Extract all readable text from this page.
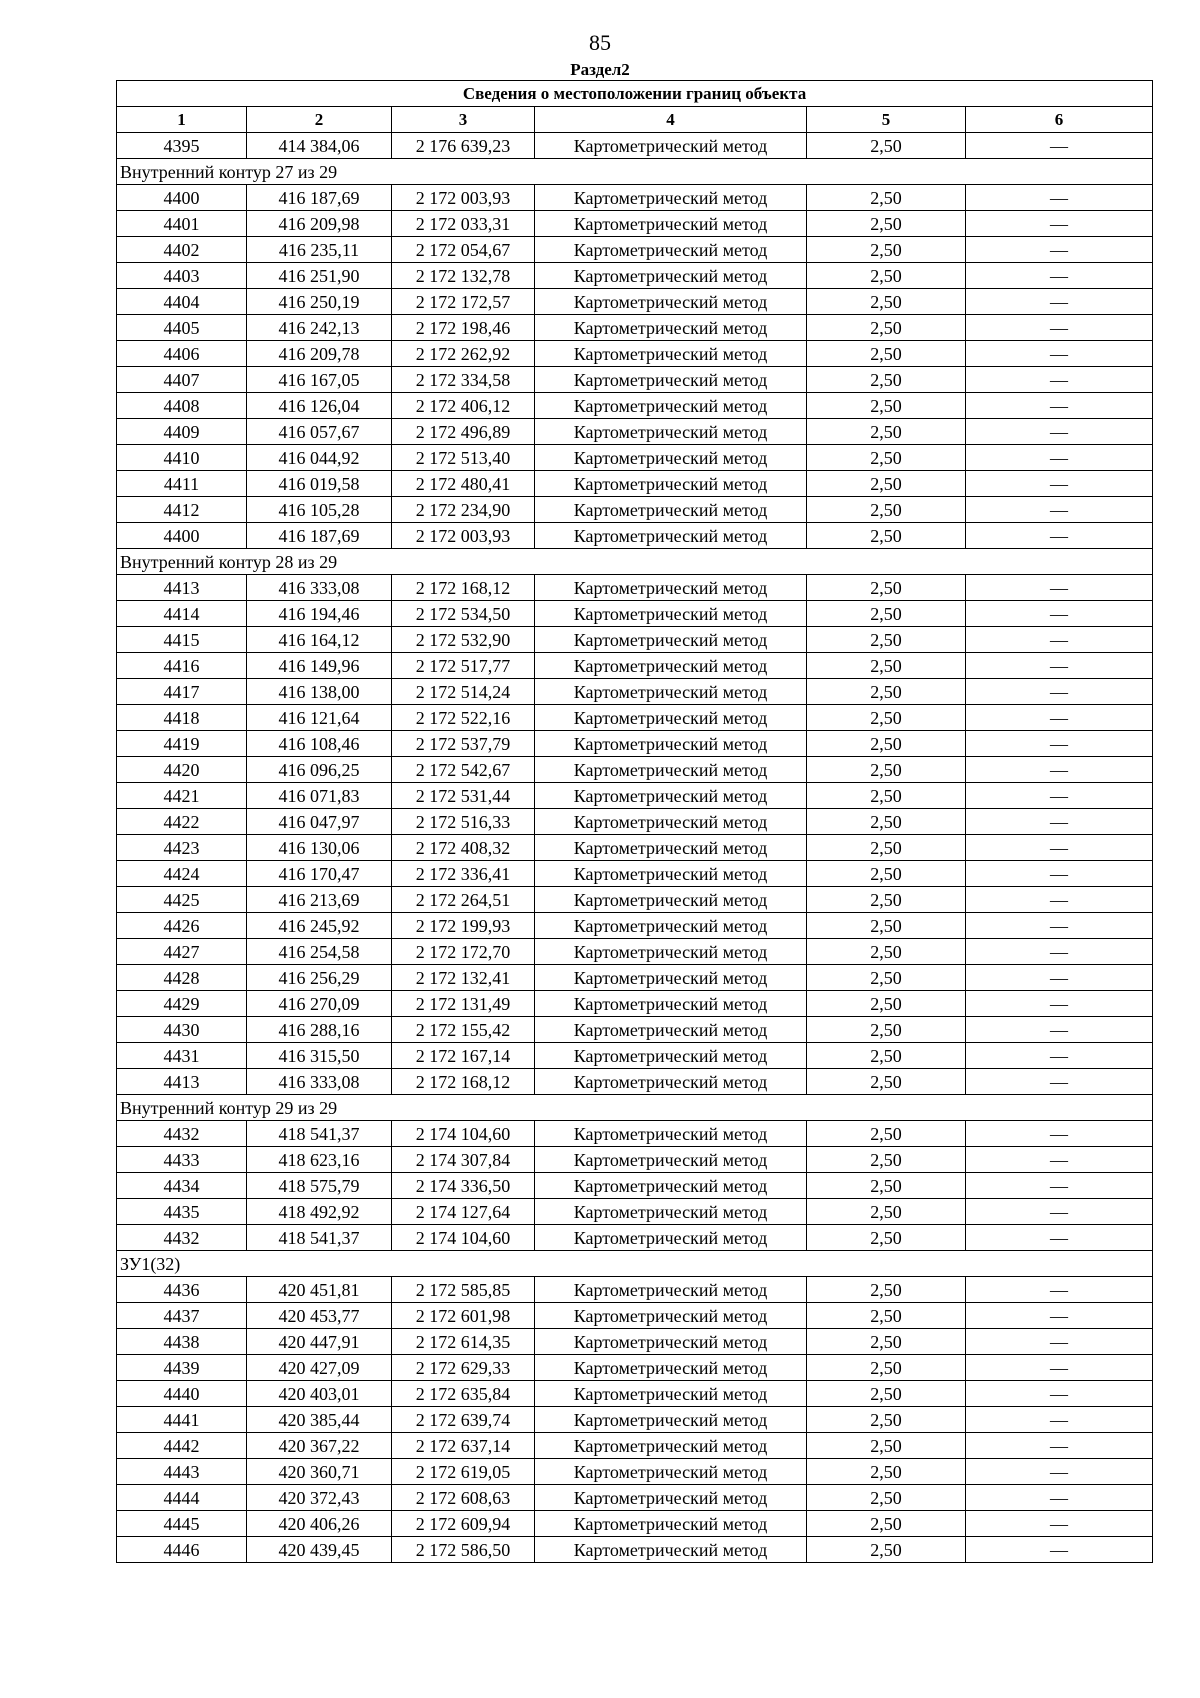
85
Раздел2
Сведения о местоположении границ объекта					
1	2	3	4	5	6
4395	414 384,06	2 176 639,23	Картометрический метод	2,50	—
Внутренний контур 27 из 29					
4400	416 187,69	2 172 003,93	Картометрический метод	2,50	—
4401	416 209,98	2 172 033,31	Картометрический метод	2,50	—
4402	416 235,11	2 172 054,67	Картометрический метод	2,50	—
4403	416 251,90	2 172 132,78	Картометрический метод	2,50	—
4404	416 250,19	2 172 172,57	Картометрический метод	2,50	—
4405	416 242,13	2 172 198,46	Картометрический метод	2,50	—
4406	416 209,78	2 172 262,92	Картометрический метод	2,50	—
4407	416 167,05	2 172 334,58	Картометрический метод	2,50	—
4408	416 126,04	2 172 406,12	Картометрический метод	2,50	—
4409	416 057,67	2 172 496,89	Картометрический метод	2,50	—
4410	416 044,92	2 172 513,40	Картометрический метод	2,50	—
4411	416 019,58	2 172 480,41	Картометрический метод	2,50	—
4412	416 105,28	2 172 234,90	Картометрический метод	2,50	—
4400	416 187,69	2 172 003,93	Картометрический метод	2,50	—
Внутренний контур 28 из 29					
4413	416 333,08	2 172 168,12	Картометрический метод	2,50	—
4414	416 194,46	2 172 534,50	Картометрический метод	2,50	—
4415	416 164,12	2 172 532,90	Картометрический метод	2,50	—
4416	416 149,96	2 172 517,77	Картометрический метод	2,50	—
4417	416 138,00	2 172 514,24	Картометрический метод	2,50	—
4418	416 121,64	2 172 522,16	Картометрический метод	2,50	—
4419	416 108,46	2 172 537,79	Картометрический метод	2,50	—
4420	416 096,25	2 172 542,67	Картометрический метод	2,50	—
4421	416 071,83	2 172 531,44	Картометрический метод	2,50	—
4422	416 047,97	2 172 516,33	Картометрический метод	2,50	—
4423	416 130,06	2 172 408,32	Картометрический метод	2,50	—
4424	416 170,47	2 172 336,41	Картометрический метод	2,50	—
4425	416 213,69	2 172 264,51	Картометрический метод	2,50	—
4426	416 245,92	2 172 199,93	Картометрический метод	2,50	—
4427	416 254,58	2 172 172,70	Картометрический метод	2,50	—
4428	416 256,29	2 172 132,41	Картометрический метод	2,50	—
4429	416 270,09	2 172 131,49	Картометрический метод	2,50	—
4430	416 288,16	2 172 155,42	Картометрический метод	2,50	—
4431	416 315,50	2 172 167,14	Картометрический метод	2,50	—
4413	416 333,08	2 172 168,12	Картометрический метод	2,50	—
Внутренний контур 29 из 29					
4432	418 541,37	2 174 104,60	Картометрический метод	2,50	—
4433	418 623,16	2 174 307,84	Картометрический метод	2,50	—
4434	418 575,79	2 174 336,50	Картометрический метод	2,50	—
4435	418 492,92	2 174 127,64	Картометрический метод	2,50	—
4432	418 541,37	2 174 104,60	Картометрический метод	2,50	—
ЗУ1(32)					
4436	420 451,81	2 172 585,85	Картометрический метод	2,50	—
4437	420 453,77	2 172 601,98	Картометрический метод	2,50	—
4438	420 447,91	2 172 614,35	Картометрический метод	2,50	—
4439	420 427,09	2 172 629,33	Картометрический метод	2,50	—
4440	420 403,01	2 172 635,84	Картометрический метод	2,50	—
4441	420 385,44	2 172 639,74	Картометрический метод	2,50	—
4442	420 367,22	2 172 637,14	Картометрический метод	2,50	—
4443	420 360,71	2 172 619,05	Картометрический метод	2,50	—
4444	420 372,43	2 172 608,63	Картометрический метод	2,50	—
4445	420 406,26	2 172 609,94	Картометрический метод	2,50	—
4446	420 439,45	2 172 586,50	Картометрический метод	2,50	—
